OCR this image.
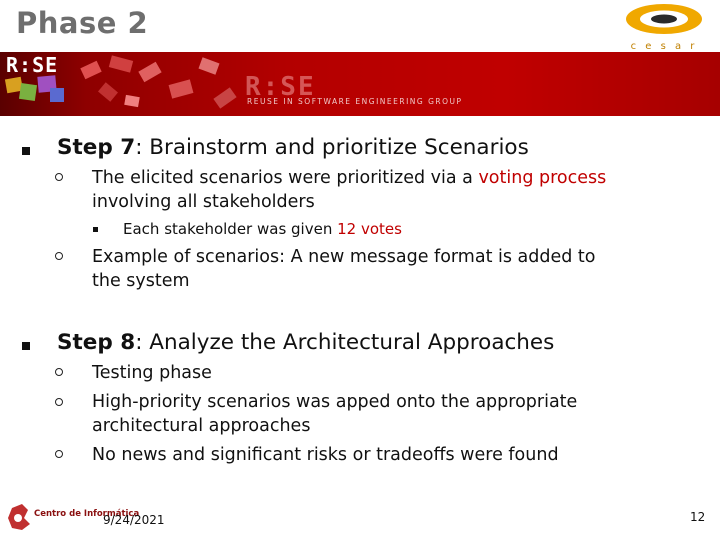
Phase 2
c e s a r
R:SE
R:SE
REUSE IN SOFTWARE ENGINEERING GROUP
Step 7: Brainstorm and prioritize Scenarios
The elicited scenarios were prioritized via a voting process
involving all stakeholders
Each stakeholder was given 12 votes
Example of scenarios: A new message format is added to
the system
Step 8: Analyze the Architectural Approaches
Testing phase
High-priority scenarios was apped onto the appropriate
architectural approaches
No news and significant risks or tradeoffs were found
Centro de Informática
9/24/2021	12
